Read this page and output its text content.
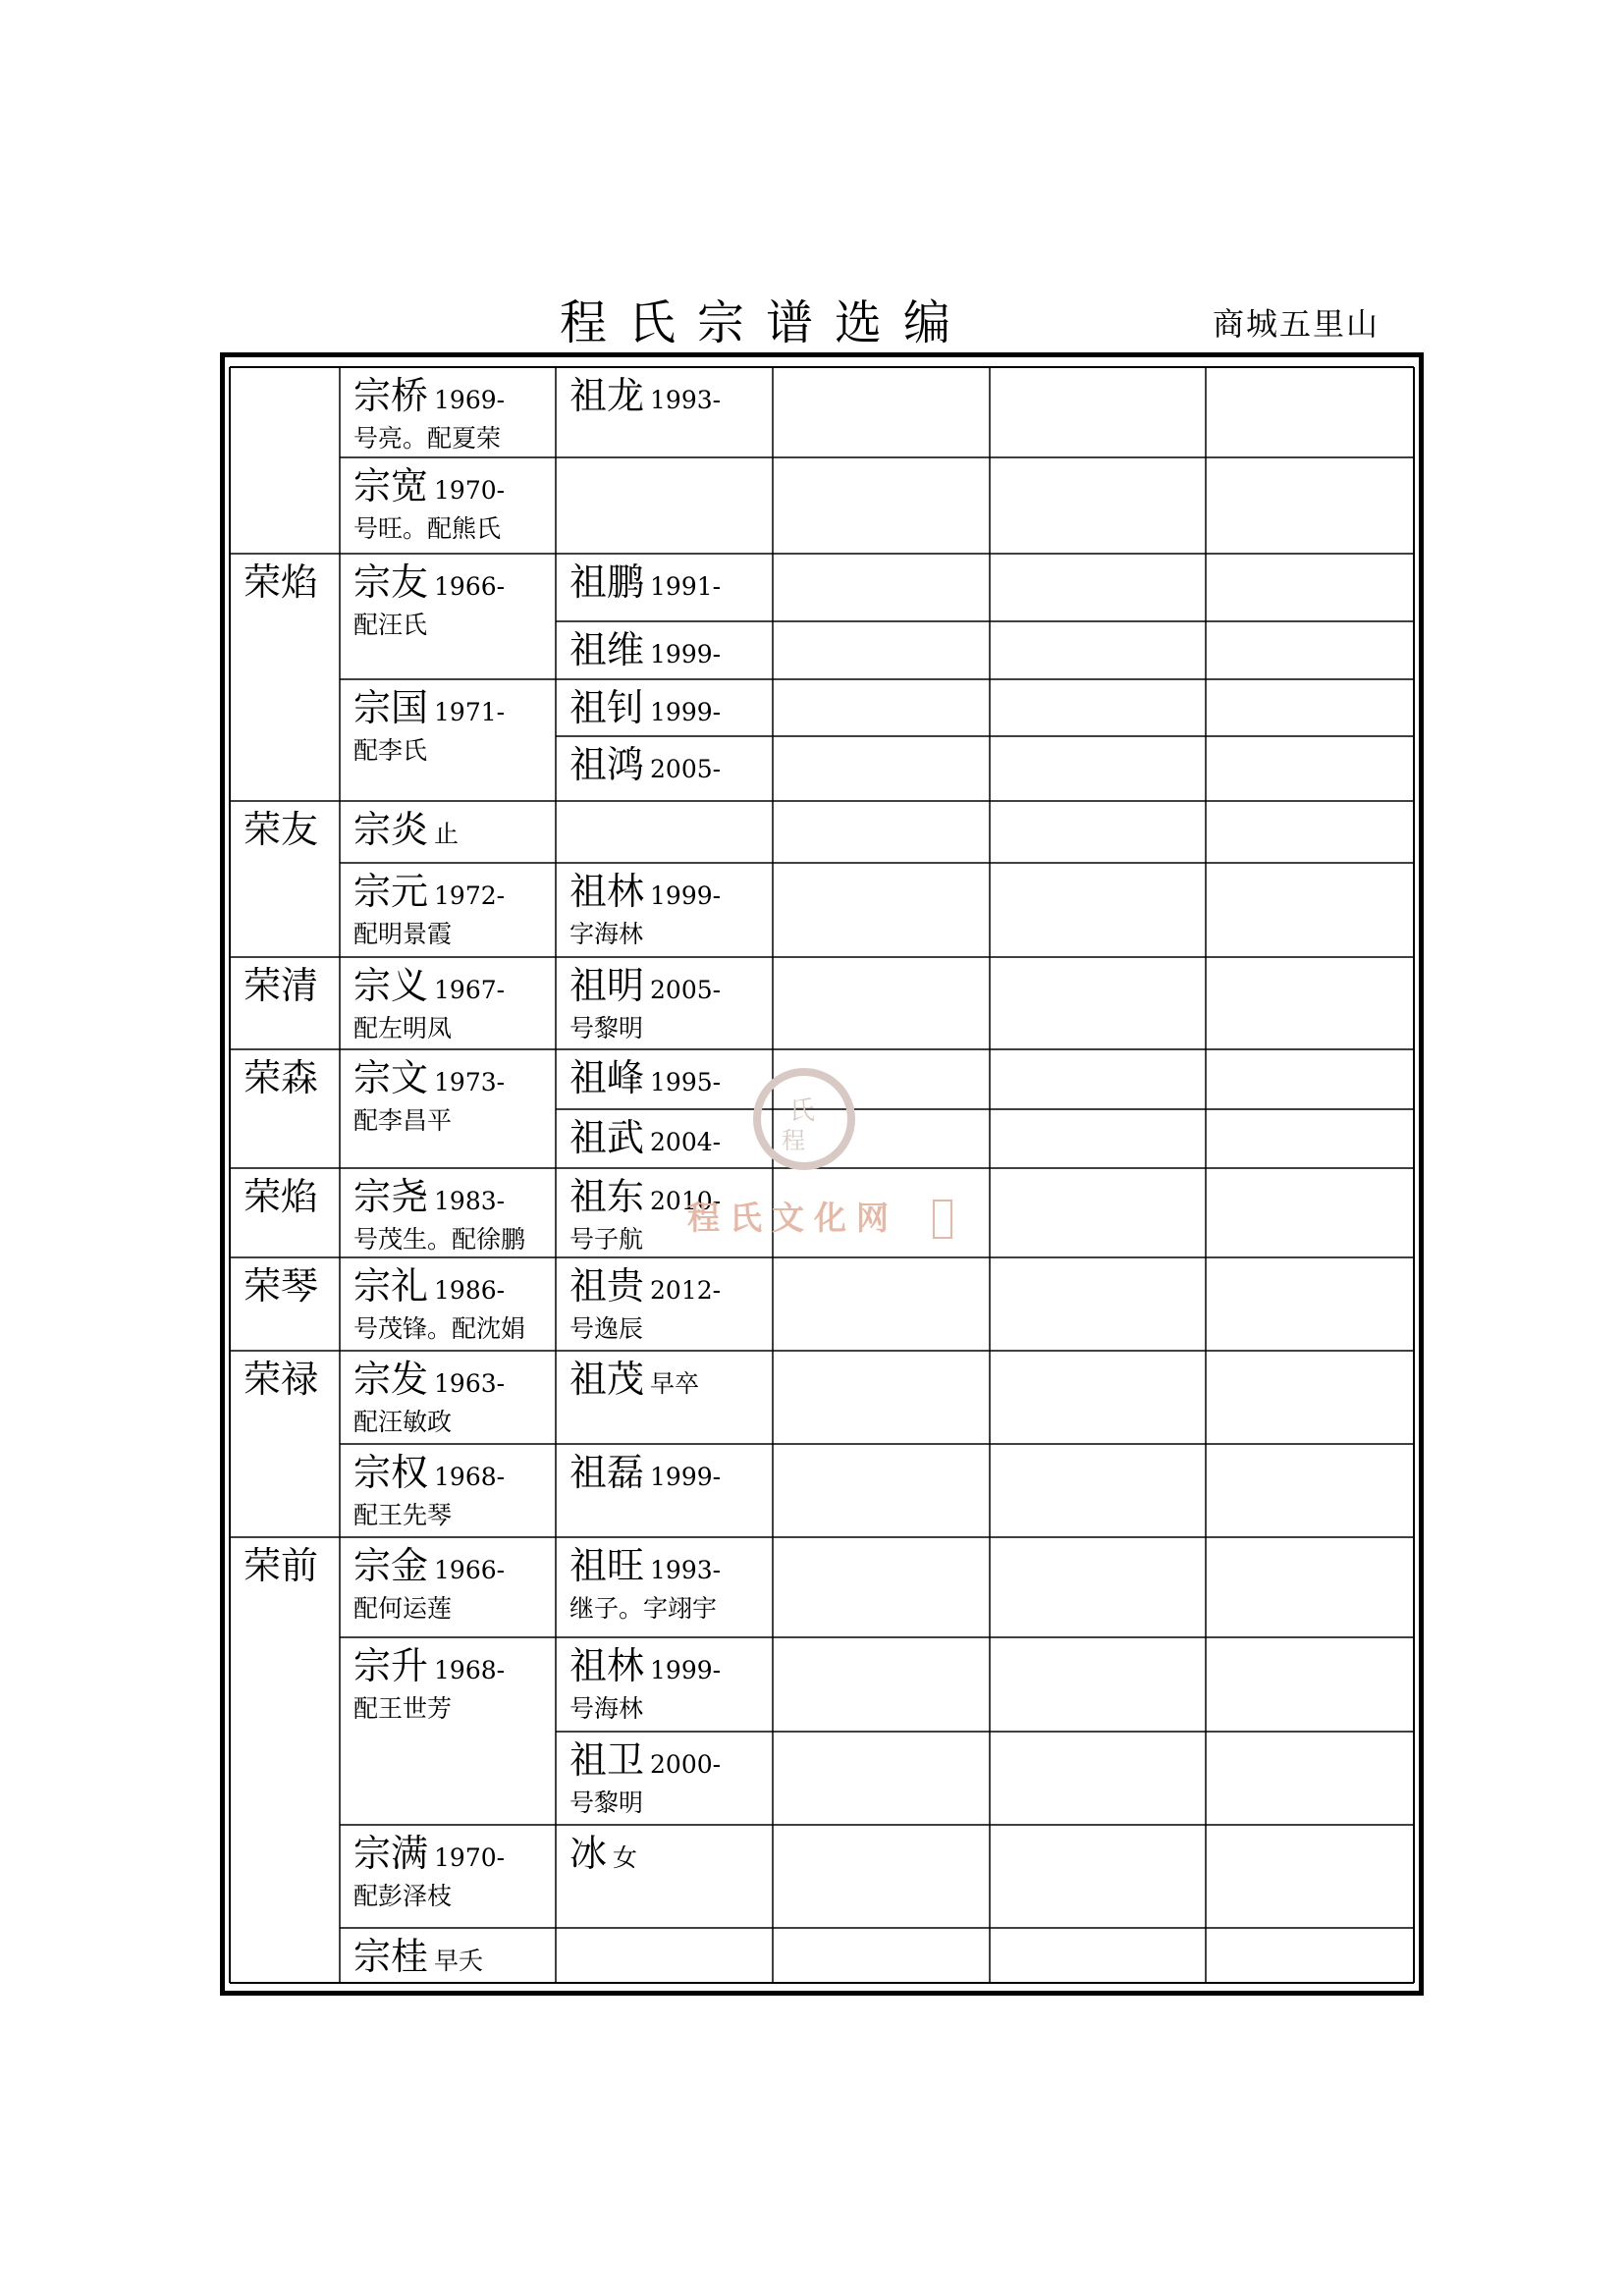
程氏宗谱选编	商城五里山
荣焰
荣友
荣清
荣森
荣焰
荣琴
荣禄
荣前
宗桥 1969-
号亮。配夏荣
宗宽 1970-
号旺。配熊氏
宗友 1966-
配汪氏
宗国 1971-
配李氏
宗炎 止
宗元 1972-
配明景霞
宗义 1967-
配左明凤
宗文 1973-
配李昌平
宗尧 1983-
号茂生。配徐鹏
宗礼 1986-
号茂锋。配沈娟
宗发 1963-
配汪敏政
宗权 1968-
配王先琴
宗金 1966-
配何运莲
宗升 1968-
配王世芳
宗满 1970-
配彭泽枝
宗桂 早夭
祖龙 1993-
祖鹏 1991-
祖维 1999-
祖钊 1999-
祖鸿 2005-
祖林 1999-
字海林
祖明 2005-
号黎明
祖峰 1995-
祖武 2004-
祖东 2010-
号子航
祖贵 2012-
号逸辰
祖茂 早卒
祖磊 1999-
祖旺 1993-
继子。字翊宇
祖林 1999-
号海林
祖卫 2000-
号黎明
冰女
氏
程
程氏文化网
